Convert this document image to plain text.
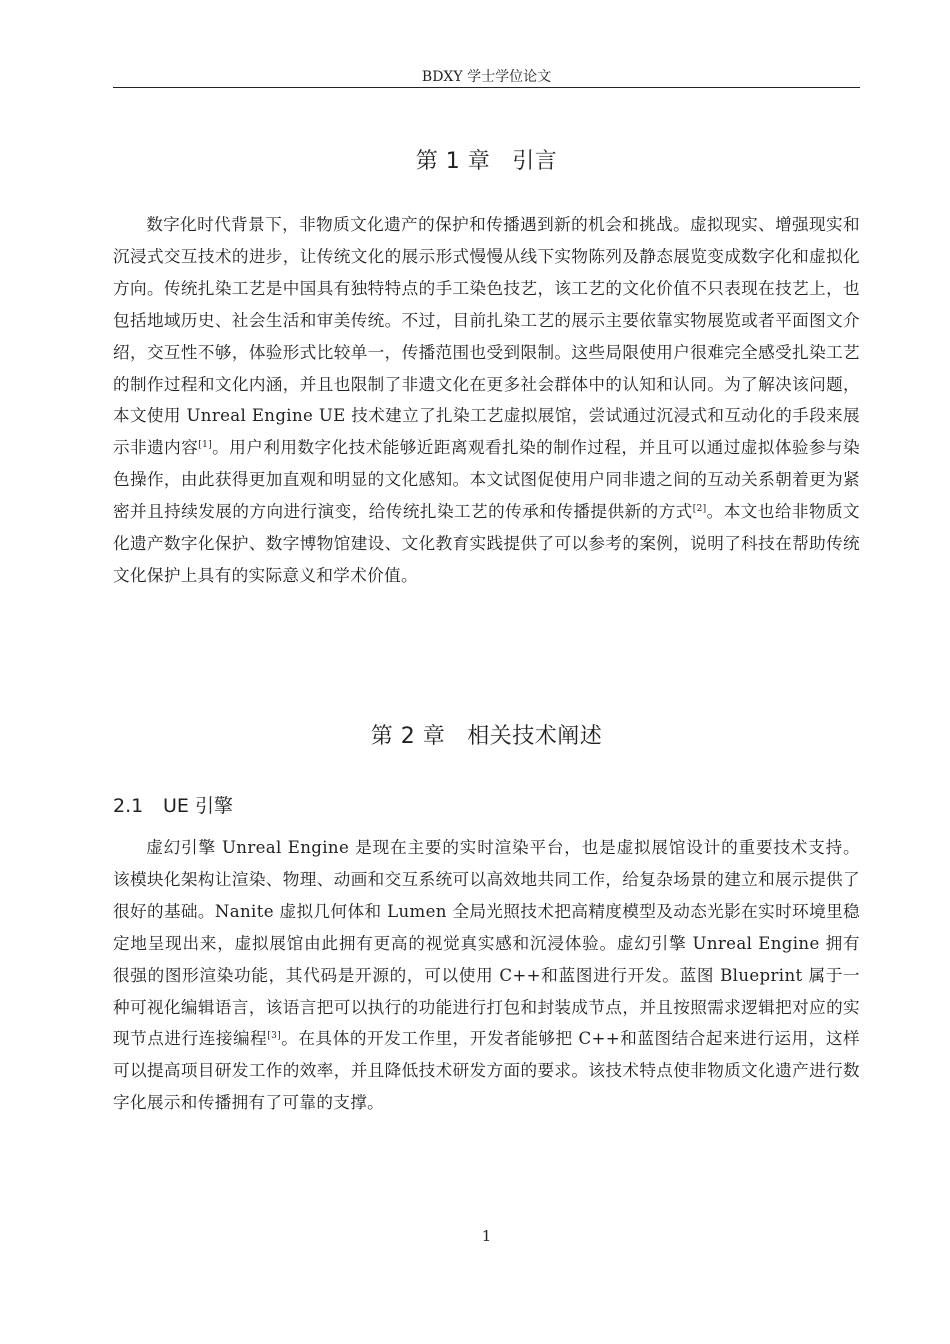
BDXY 学士学位论文
第 1 章 引言

数字化时代背景下，非物质文化遗产的保护和传播遇到新的机会和挑战。虚拟现实、增强现实和沉浸式交互技术的进步，让传统文化的展示形式慢慢从线下实物陈列及静态展览变成数字化和虚拟化方向。传统扎染工艺是中国具有独特特点的手工染色技艺，该工艺的文化价值不只表现在技艺上，也包括地域历史、社会生活和审美传统。不过，目前扎染工艺的展示主要依靠实物展览或者平面图文介绍，交互性不够，体验形式比较单一，传播范围也受到限制。这些局限使用户很难完全感受扎染工艺的制作过程和文化内涵，并且也限制了非遗文化在更多社会群体中的认知和认同。为了解决该问题，本文使用 Unreal Engine UE 技术建立了扎染工艺虚拟展馆，尝试通过沉浸式和互动化的手段来展示非遗内容[1]。用户利用数字化技术能够近距离观看扎染的制作过程，并且可以通过虚拟体验参与染色操作，由此获得更加直观和明显的文化感知。本文试图促使用户同非遗之间的互动关系朝着更为紧密并且持续发展的方向进行演变，给传统扎染工艺的传承和传播提供新的方式[2]。本文也给非物质文化遗产数字化保护、数字博物馆建设、文化教育实践提供了可以参考的案例，说明了科技在帮助传统文化保护上具有的实际意义和学术价值。

第 2 章 相关技术阐述
2.1 UE 引擎

虚幻引擎 Unreal Engine 是现在主要的实时渲染平台，也是虚拟展馆设计的重要技术支持。该模块化架构让渲染、物理、动画和交互系统可以高效地共同工作，给复杂场景的建立和展示提供了很好的基础。Nanite 虚拟几何体和 Lumen 全局光照技术把高精度模型及动态光影在实时环境里稳定地呈现出来，虚拟展馆由此拥有更高的视觉真实感和沉浸体验。虚幻引擎 Unreal Engine 拥有很强的图形渲染功能，其代码是开源的，可以使用 C++和蓝图进行开发。蓝图 Blueprint 属于一种可视化编辑语言，该语言把可以执行的功能进行打包和封装成节点，并且按照需求逻辑把对应的实现节点进行连接编程[3]。在具体的开发工作里，开发者能够把 C++和蓝图结合起来进行运用，这样可以提高项目研发工作的效率，并且降低技术研发方面的要求。该技术特点使非物质文化遗产进行数字化展示和传播拥有了可靠的支撑。

1
